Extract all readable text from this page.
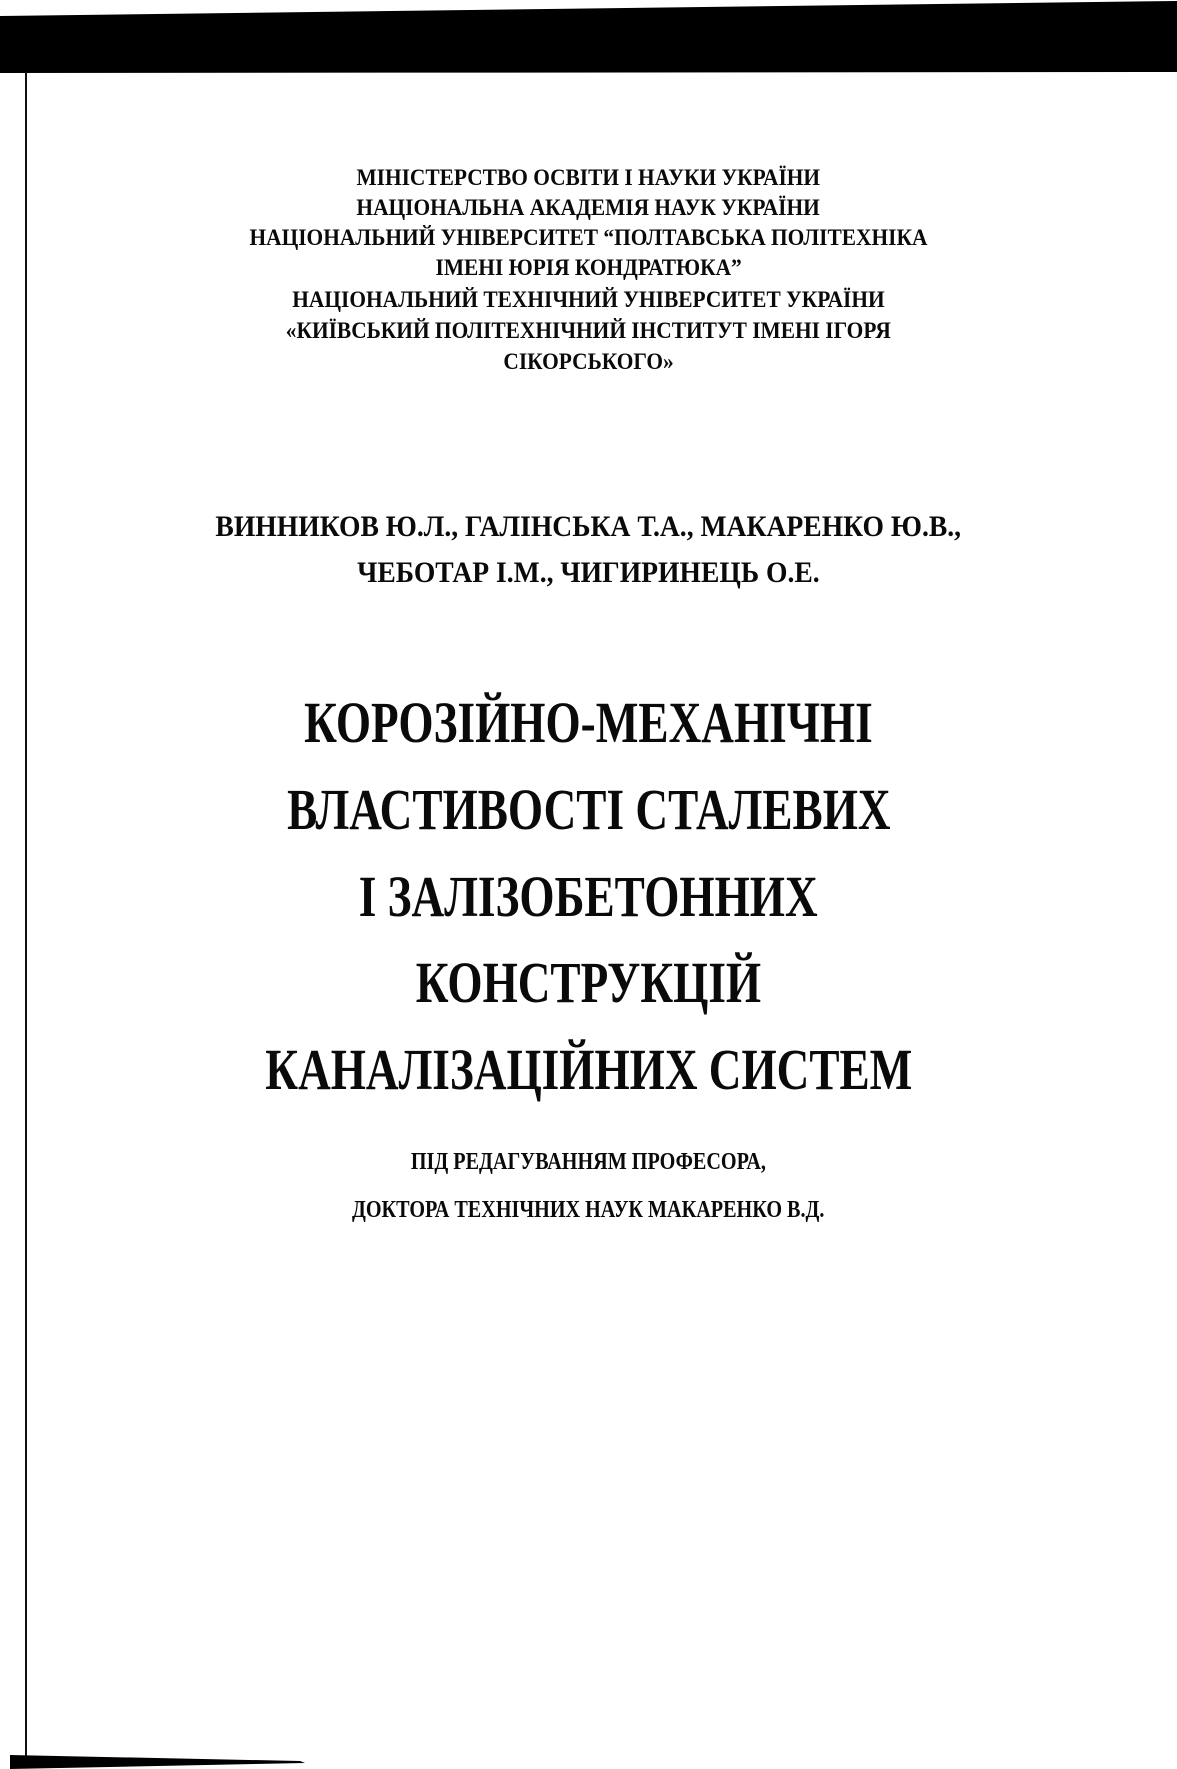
МІНІСТЕРСТВО ОСВІТИ І НАУКИ УКРАЇНИ
НАЦІОНАЛЬНА АКАДЕМІЯ НАУК УКРАЇНИ
НАЦІОНАЛЬНИЙ УНІВЕРСИТЕТ “ПОЛТАВСЬКА ПОЛІТЕХНІКА
ІМЕНІ ЮРІЯ КОНДРАТЮКА”
НАЦІОНАЛЬНИЙ ТЕХНІЧНИЙ УНІВЕРСИТЕТ УКРАЇНИ
«КИЇВСЬКИЙ ПОЛІТЕХНІЧНИЙ ІНСТИТУТ ІМЕНІ ІГОРЯ
СІКОРСЬКОГО»
ВИННИКОВ Ю.Л., ГАЛІНСЬКА Т.А., МАКАРЕНКО Ю.В.,
ЧЕБОТАР І.М., ЧИГИРИНЕЦЬ О.Е.
КОРОЗІЙНО-МЕХАНІЧНІ
ВЛАСТИВОСТІ СТАЛЕВИХ
І ЗАЛІЗОБЕТОННИХ
КОНСТРУКЦІЙ
КАНАЛІЗАЦІЙНИХ СИСТЕМ
ПІД РЕДАГУВАННЯМ ПРОФЕСОРА,
ДОКТОРА ТЕХНІЧНИХ НАУК МАКАРЕНКО В.Д.
